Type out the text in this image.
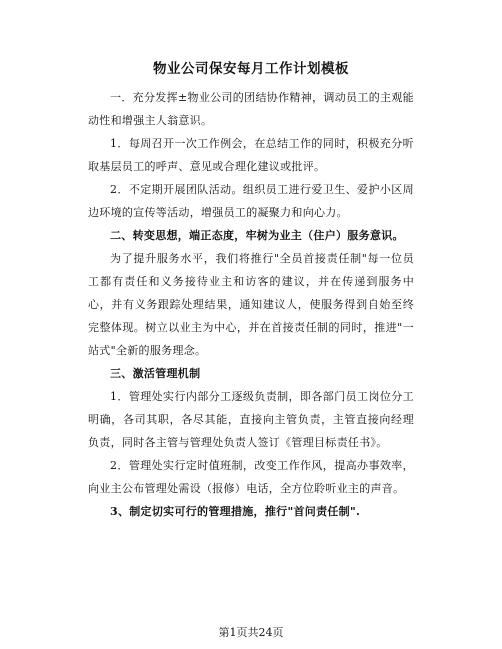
物业公司保安每月工作计划模板

一．充分发挥±物业公司的团结协作精神，调动员工的主观能动性和增强主人翁意识。

1．每周召开一次工作例会，在总结工作的同时，积极充分听取基层员工的呼声、意见或合理化建议或批评。

2．不定期开展团队活动。组织员工进行爱卫生、爱护小区周边环境的宣传等活动，增强员工的凝聚力和向心力。

二、转变思想，端正态度，牢树为业主（住户）服务意识。

为了提升服务水平，我们将推行"全员首接责任制"每一位员工都有责任和义务接待业主和访客的建议，并在传递到服务中心，并有义务跟踪处理结果，通知建议人，使服务得到自始至终完整体现。树立以业主为中心，并在首接责任制的同时，推进"一站式"全新的服务理念。

三、激活管理机制

1．管理处实行内部分工逐级负责制，即各部门员工岗位分工明确，各司其职，各尽其能，直接向主管负责，主管直接向经理负责，同时各主管与管理处负责人签订《管理目标责任书》。

2．管理处实行定时值班制，改变工作作风，提高办事效率，向业主公布管理处需设（报修）电话，全方位聆听业主的声音。

3、制定切实可行的管理措施，推行"首问责任制".

第1页共24页
